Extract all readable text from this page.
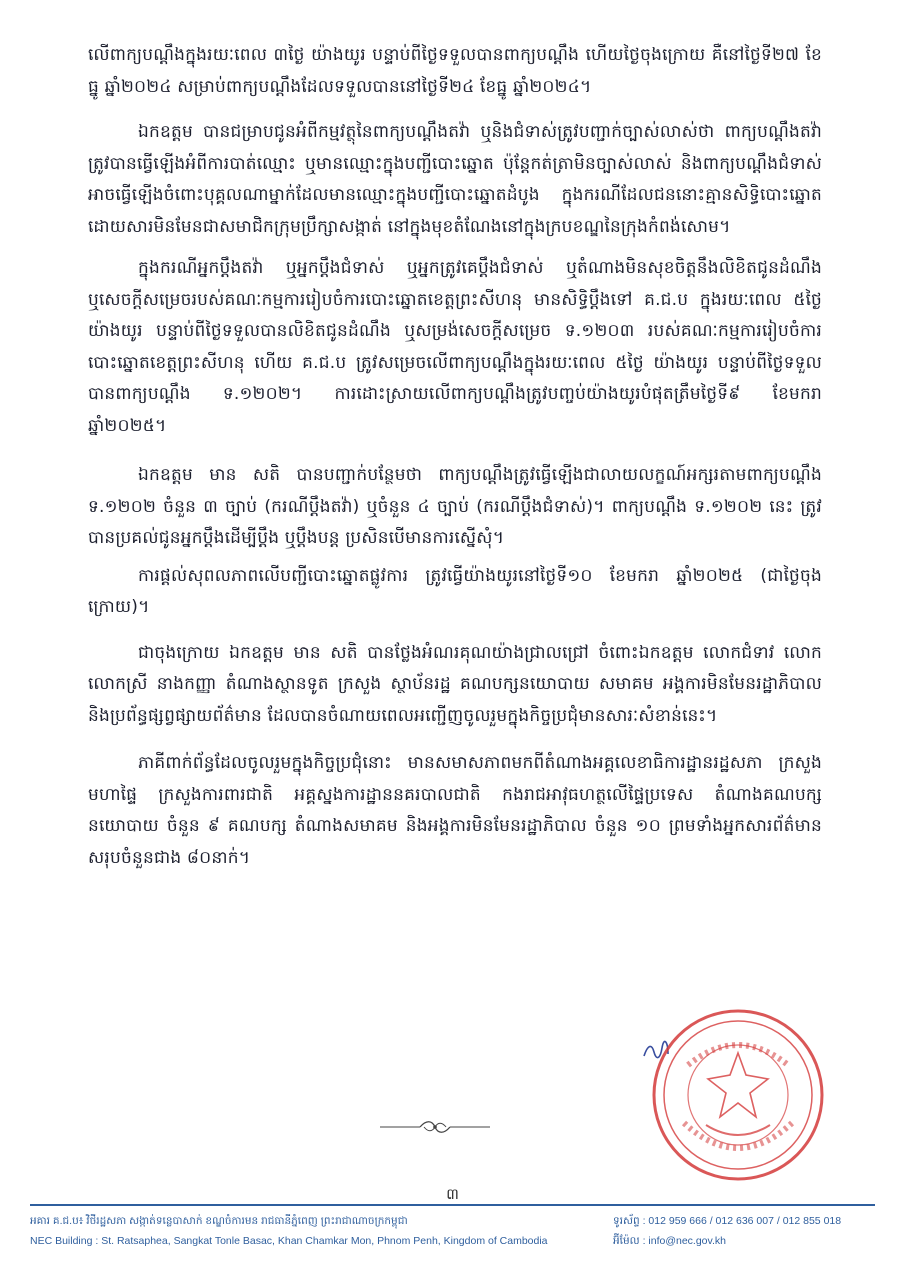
លើពាក្យបណ្តឹងក្នុងរយៈពេល ៣ថ្ងៃ យ៉ាងយូរ បន្ទាប់ពីថ្ងៃទទួលបានពាក្យបណ្តឹង ហើយថ្ងៃចុងក្រោយ គឺនៅថ្ងៃទី២៧ ខែធ្នូ ឆ្នាំ២០២៤ សម្រាប់ពាក្យបណ្តឹងដែលទទួលបាននៅថ្ងៃទី២៤ ខែធ្នូ ឆ្នាំ២០២៤។

ឯកឧត្តម បានជម្រាបជូនអំពីកម្មវត្ថុនៃពាក្យបណ្តឹងតវ៉ា ឬនិងជំទាស់ត្រូវបញ្ជាក់ច្បាស់លាស់ថា ពាក្យបណ្តឹងតវ៉ា ត្រូវបានធ្វើឡើងអំពីការបាត់ឈ្មោះ ឬមានឈ្មោះក្នុងបញ្ជីបោះឆ្នោត ប៉ុន្តែកត់ត្រាមិនច្បាស់លាស់ និងពាក្យបណ្តឹងជំទាស់ អាចធ្វើឡើងចំពោះបុគ្គលណាម្នាក់ដែលមានឈ្មោះក្នុងបញ្ជីបោះឆ្នោតដំបូង ក្នុងករណីដែលជននោះគ្មានសិទ្ធិបោះឆ្នោត ដោយសារមិនមែនជាសមាជិកក្រុមប្រឹក្សាសង្កាត់ នៅក្នុងមុខតំណែងនៅក្នុងក្របខណ្ឌនៃក្រុងកំពង់សោម។

ក្នុងករណីអ្នកប្តឹងតវ៉ា ឬអ្នកប្តឹងជំទាស់ ឬអ្នកត្រូវគេប្តឹងជំទាស់ ឬតំណាងមិនសុខចិត្តនឹងលិខិតជូនដំណឹង ឬសេចក្តីសម្រេចរបស់គណៈកម្មការរៀបចំការបោះឆ្នោតខេត្តព្រះសីហនុ មានសិទ្ធិប្តឹងទៅ គ.ជ.ប ក្នុងរយៈពេល ៥ថ្ងៃ យ៉ាងយូរ បន្ទាប់ពីថ្ងៃទទួលបានលិខិតជូនដំណឹង ឬសម្រង់សេចក្តីសម្រេច ទ.១២០៣ របស់គណៈកម្មការរៀបចំការបោះឆ្នោតខេត្តព្រះសីហនុ ហើយ គ.ជ.ប ត្រូវសម្រេចលើពាក្យបណ្តឹងក្នុងរយៈពេល ៥ថ្ងៃ យ៉ាងយូរ បន្ទាប់ពីថ្ងៃទទួលបានពាក្យបណ្តឹង ទ.១២០២។ ការដោះស្រាយលើពាក្យបណ្តឹងត្រូវបញ្ចប់យ៉ាងយូរបំផុតត្រឹមថ្ងៃទី៩ ខែមករា ឆ្នាំ២០២៥។

ឯកឧត្តម មាន សតិ បានបញ្ជាក់បន្ថែមថា ពាក្យបណ្តឹងត្រូវធ្វើឡើងជាលាយលក្ខណ៍អក្សរតាមពាក្យបណ្តឹង ទ.១២០២ ចំនួន ៣ ច្បាប់ (ករណីប្តឹងតវ៉ា) ឬចំនួន ៤ ច្បាប់ (ករណីប្តឹងជំទាស់)។ ពាក្យបណ្តឹង ទ.១២០២ នេះ ត្រូវបានប្រគល់ជូនអ្នកប្តឹងដើម្បីប្តឹង ឬប្តឹងបន្ត ប្រសិនបើមានការស្នើសុំ។

ការផ្តល់សុពលភាពលើបញ្ជីបោះឆ្នោតផ្លូវការ ត្រូវធ្វើយ៉ាងយូរនៅថ្ងៃទី១០ ខែមករា ឆ្នាំ២០២៥ (ជាថ្ងៃចុងក្រោយ)។

ជាចុងក្រោយ ឯកឧត្តម មាន សតិ បានថ្លែងអំណរគុណយ៉ាងជ្រាលជ្រៅ ចំពោះឯកឧត្តម លោកជំទាវ លោក លោកស្រី នាងកញ្ញា តំណាងស្ថានទូត ក្រសួង ស្ថាប័នរដ្ឋ គណបក្សនយោបាយ សមាគម អង្គការមិនមែនរដ្ឋាភិបាល និងប្រព័ន្ធផ្សព្វផ្សាយព័ត៌មាន ដែលបានចំណាយពេលអញ្ជើញចូលរួមក្នុងកិច្ចប្រជុំមានសារៈសំខាន់នេះ។

ភាគីពាក់ព័ន្ធដែលចូលរួមក្នុងកិច្ចប្រជុំនោះ មានសមាសភាពមកពីតំណាងអគ្គលេខាធិការដ្ឋានរដ្ឋសភា ក្រសួងមហាផ្ទៃ ក្រសួងការពារជាតិ អគ្គស្នងការដ្ឋាននគរបាលជាតិ កងរាជអាវុធហត្ថលើផ្ទៃប្រទេស តំណាងគណបក្សនយោបាយ ចំនួន ៩ គណបក្ស តំណាងសមាគម និងអង្គការមិនមែនរដ្ឋាភិបាល ចំនួន ១០ ព្រមទាំងអ្នកសារព័ត៌មាន សរុបចំនួនជាង ៨០នាក់។

៣
អគារ គ.ជ.ប៖ វិថីរដ្ឋសភា សង្កាត់ទន្លេបាសាក់ ខណ្ឌចំការមន រាជធានីភ្នំពេញ ព្រះរាជាណាចក្រកម្ពុជា	ទូរស័ព្ទ : 012 959 666 / 012 636 007 / 012 855 018
NEC Building : St. Ratsaphea, Sangkat Tonle Basac, Khan Chamkar Mon, Phnom Penh, Kingdom of Cambodia	អ៊ីម៉ែល : info@nec.gov.kh
